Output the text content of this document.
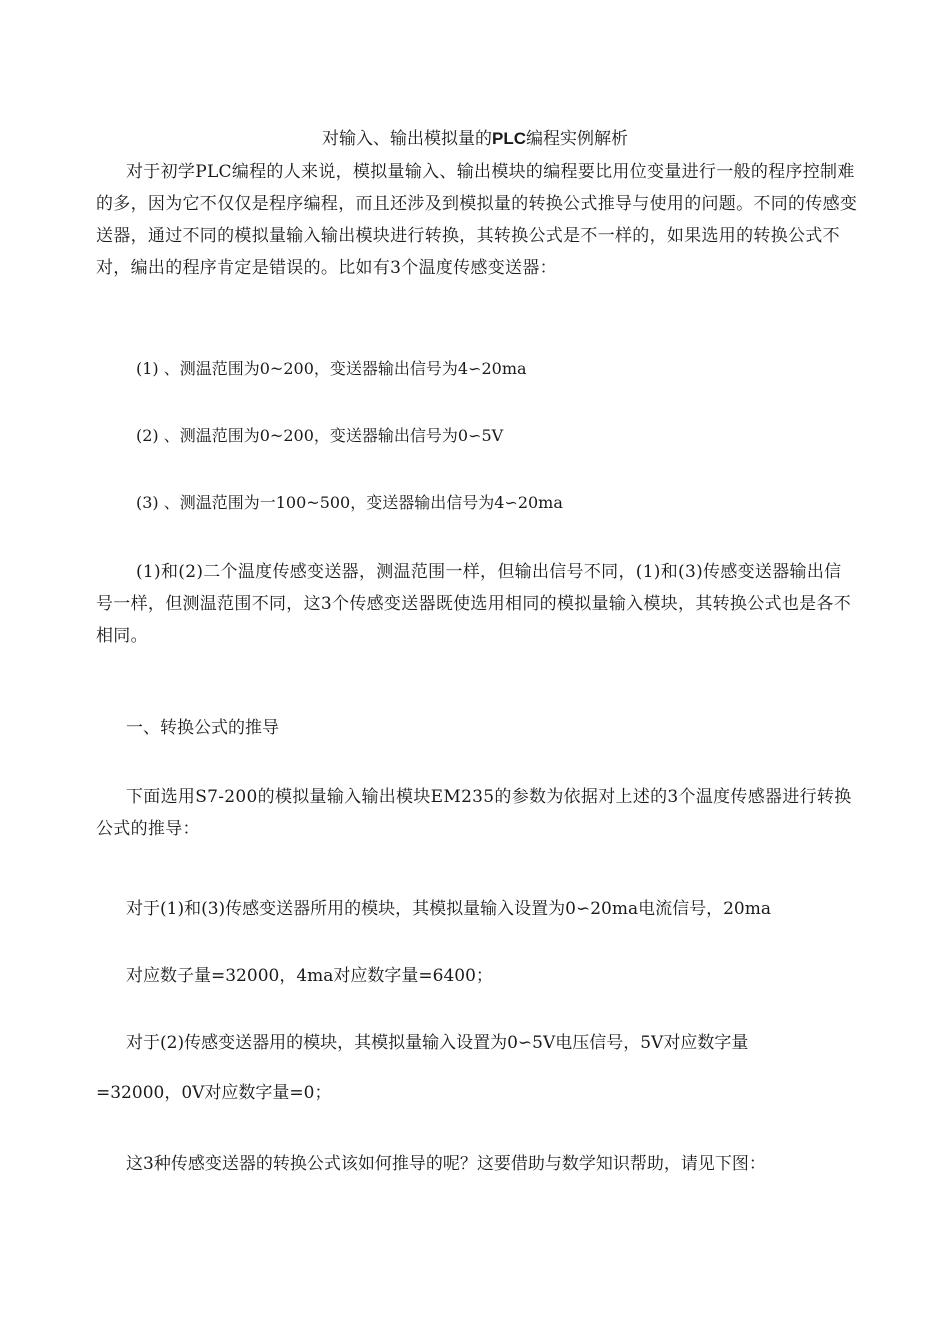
对输入、输出模拟量的PLC编程实例解析

对于初学PLC编程的人来说，模拟量输入、输出模块的编程要比用位变量进行一般的程序控制难的多，因为它不仅仅是程序编程，而且还涉及到模拟量的转换公式推导与使用的问题。不同的传感变送器，通过不同的模拟量输入输出模块进行转换，其转换公式是不一样的，如果选用的转换公式不对，编出的程序肯定是错误的。比如有3个温度传感变送器：

(1) 、测温范围为0~200，变送器输出信号为4∽20ma

(2) 、测温范围为0~200，变送器输出信号为0∽5V

(3) 、测温范围为一100~500，变送器输出信号为4∽20ma

(1)和(2)二个温度传感变送器，测温范围一样，但输出信号不同，(1)和(3)传感变送器输出信号一样，但测温范围不同，这3个传感变送器既使选用相同的模拟量输入模块，其转换公式也是各不相同。

一、转换公式的推导

下面选用S7-200的模拟量输入输出模块EM235的参数为依据对上述的3个温度传感器进行转换公式的推导：

对于(1)和(3)传感变送器所用的模块，其模拟量输入设置为0∽20ma电流信号，20ma

对应数子量=32000，4ma对应数字量=6400；

对于(2)传感变送器用的模块，其模拟量输入设置为0∽5V电压信号，5V对应数字量

=32000，0V对应数字量=0；

这3种传感变送器的转换公式该如何推导的呢？这要借助与数学知识帮助，请见下图：
